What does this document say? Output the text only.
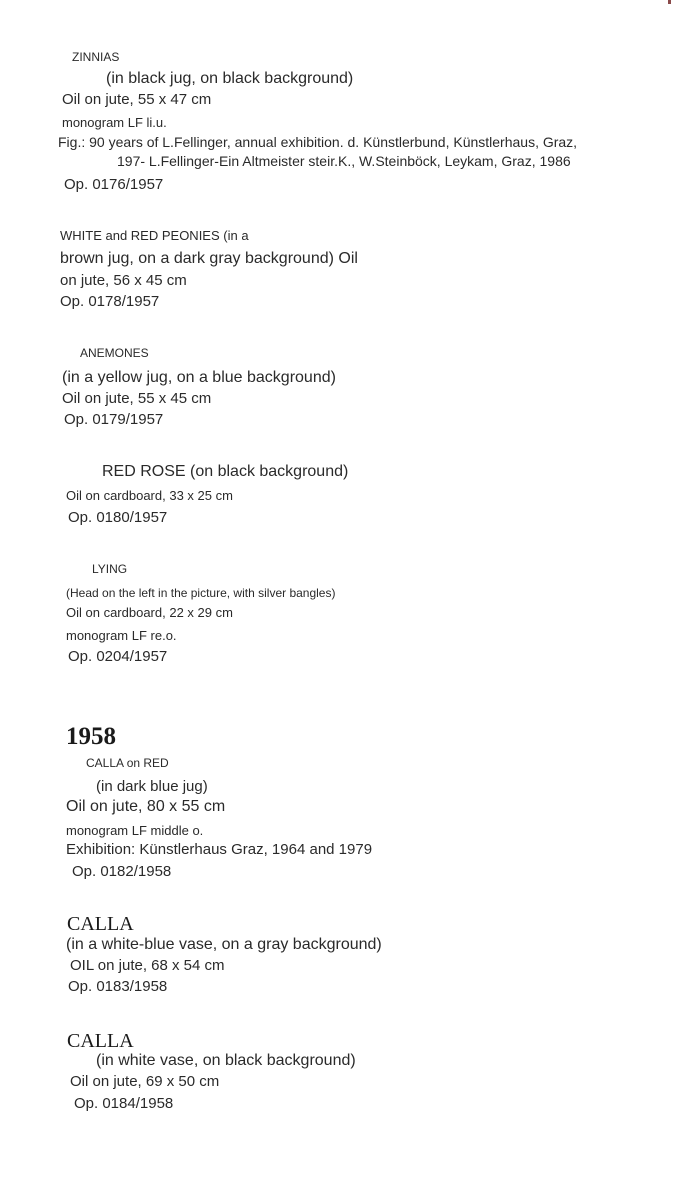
ZINNIAS
(in black jug, on black background)
Oil on jute, 55 x 47 cm
monogram LF li.u.
Fig.: 90 years of L.Fellinger, annual exhibition. d. Künstlerbund, Künstlerhaus, Graz,
197- L.Fellinger-Ein Altmeister steir.K., W.Steinböck, Leykam, Graz, 1986
Op. 0176/1957
WHITE and RED PEONIES (in a
brown jug, on a dark gray background) Oil
on jute, 56 x 45 cm
Op. 0178/1957
ANEMONES
(in a yellow jug, on a blue background)
Oil on jute, 55 x 45 cm
Op. 0179/1957
RED ROSE (on black background)
Oil on cardboard, 33 x 25 cm
Op. 0180/1957
LYING
(Head on the left in the picture, with silver bangles)
Oil on cardboard, 22 x 29 cm
monogram LF re.o.
Op. 0204/1957
1958
CALLA on RED
(in dark blue jug)
Oil on jute, 80 x 55 cm
monogram LF middle o.
Exhibition: Künstlerhaus Graz, 1964 and 1979
Op. 0182/1958
CALLA
(in a white-blue vase, on a gray background)
OIL on jute, 68 x 54 cm
Op. 0183/1958
CALLA
(in white vase, on black background)
Oil on jute, 69 x 50 cm
Op. 0184/1958
